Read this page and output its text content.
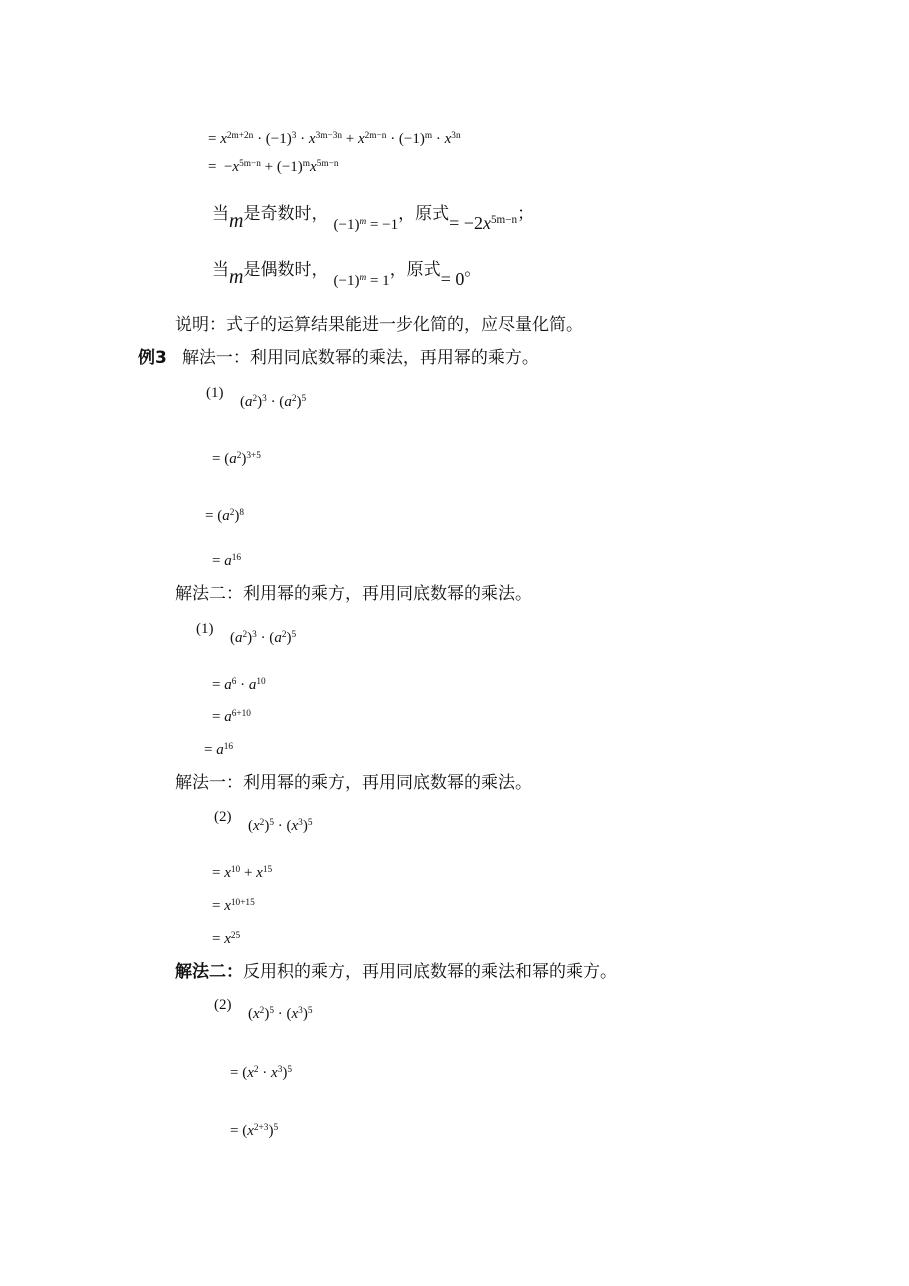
= $x^{2m+2n} \cdot (-1)^3 \cdot x^{3m-3n} + x^{2m-n} \cdot (-1)^m \cdot x^{3n}$
=  $-x^{5m-n} + (-1)^mx^{5m-n}$
当m是奇数时， $(-1)^m = -1$，原式= $-2x^{5m-n}$；
当m是偶数时， $(-1)^m = 1$，原式= 0。
说明：式子的运算结果能进一步化简的，应尽量化简。
例3 解法一：利用同底数幂的乘法，再用幂的乘方。
(1)
$(a^2)^3 \cdot (a^2)^5$
= $(a^2)^{3+5}$
= $(a^2)^8$
= $a^{16}$
解法二：利用幂的乘方，再用同底数幂的乘法。
(1)
$(a^2)^3 \cdot (a^2)^5$
= $a^6 \cdot a^{10}$
= $a^{6+10}$
= $a^{16}$
解法一：利用幂的乘方，再用同底数幂的乘法。
(2)
$(x^2)^5 \cdot (x^3)^5$
= $x^{10} + x^{15}$
= $x^{10+15}$
= $x^{25}$
解法二：反用积的乘方，再用同底数幂的乘法和幂的乘方。
(2)
$(x^2)^5 \cdot (x^3)^5$
= $(x^2 \cdot x^3)^5$
= $(x^{2+3})^5$
